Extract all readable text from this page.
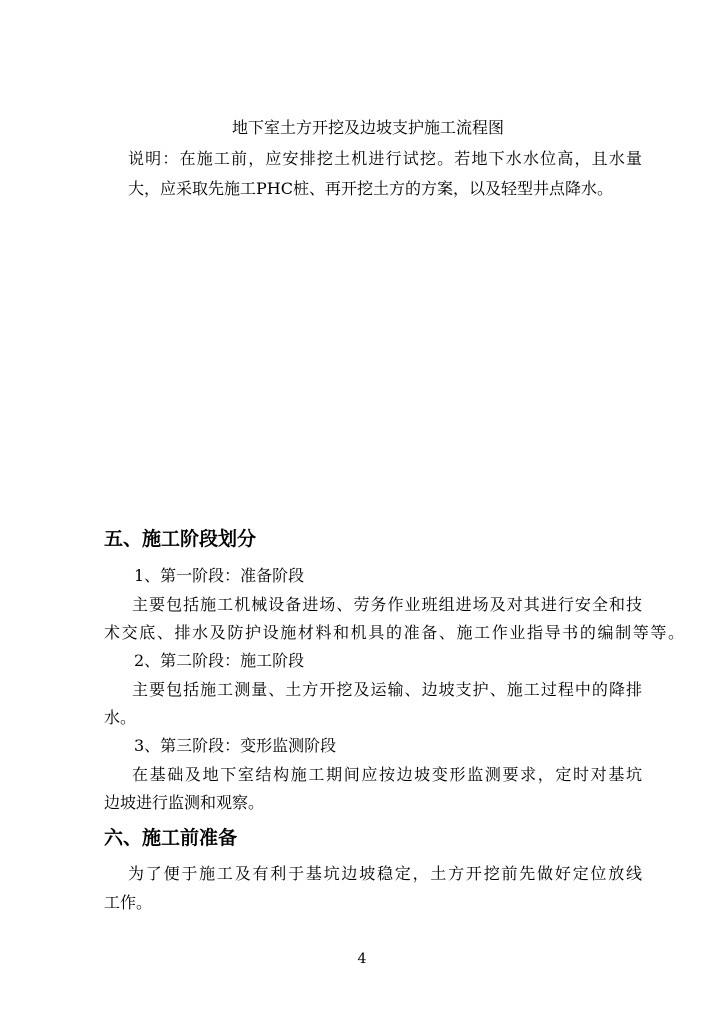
地下室土方开挖及边坡支护施工流程图
说明：在施工前，应安排挖土机进行试挖。若地下水水位高，且水量
大，应采取先施工PHC桩、再开挖土方的方案，以及轻型井点降水。
五、施工阶段划分
1、第一阶段：准备阶段
主要包括施工机械设备进场、劳务作业班组进场及对其进行安全和技
术交底、排水及防护设施材料和机具的准备、施工作业指导书的编制等等。
2、第二阶段：施工阶段
主要包括施工测量、土方开挖及运输、边坡支护、施工过程中的降排
水。
3、第三阶段：变形监测阶段
在基础及地下室结构施工期间应按边坡变形监测要求，定时对基坑
边坡进行监测和观察。
六、施工前准备
为了便于施工及有利于基坑边坡稳定，土方开挖前先做好定位放线
工作。
4
